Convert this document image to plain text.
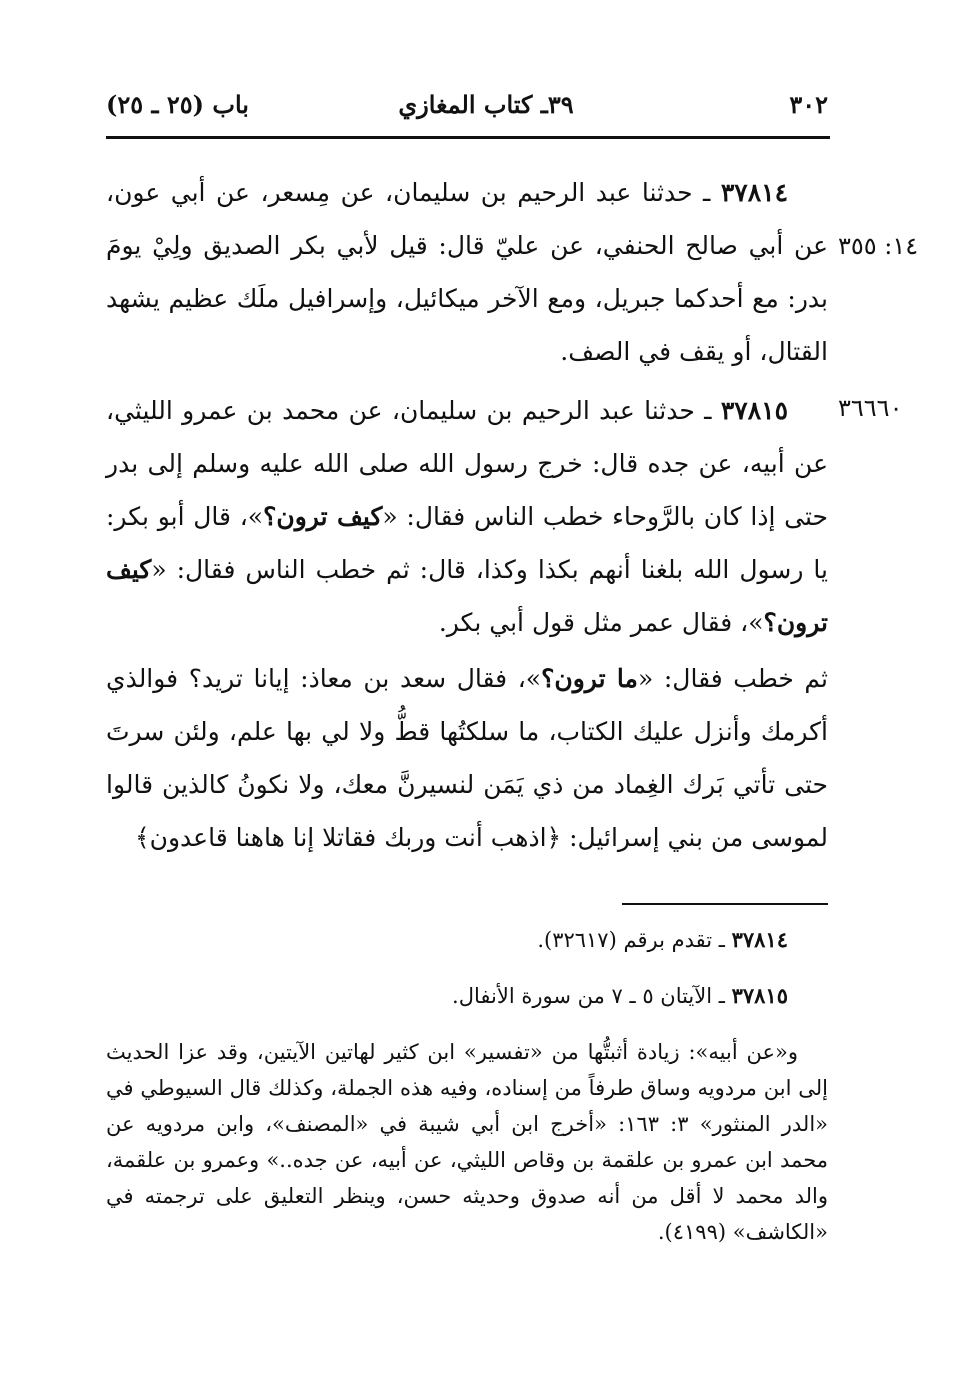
٣٠٢
٣٩ـ كتاب المغازي
باب (٢٥ ـ ٢٥)
١٤: ٣٥٥
٣٧٨١٤ ـ حدثنا عبد الرحيم بن سليمان، عن مِسعر، عن أبي عون، عن أبي صالح الحنفي، عن عليّ قال: قيل لأبي بكر الصديق ولِيْ يومَ بدر: مع أحدكما جبريل، ومع الآخر ميكائيل، وإسرافيل ملَك عظيم يشهد القتال، أو يقف في الصف.
٣٦٦٦٠
٣٧٨١٥ ـ حدثنا عبد الرحيم بن سليمان، عن محمد بن عمرو الليثي، عن أبيه، عن جده قال: خرج رسول الله صلى الله عليه وسلم إلى بدر حتى إذا كان بالرَّوحاء خطب الناس فقال: «كيف ترون؟»، قال أبو بكر: يا رسول الله بلغنا أنهم بكذا وكذا، قال: ثم خطب الناس فقال: «كيف ترون؟»، فقال عمر مثل قول أبي بكر.
ثم خطب فقال: «ما ترون؟»، فقال سعد بن معاذ: إيانا تريد؟ فوالذي أكرمك وأنزل عليك الكتاب، ما سلكتُها قطُّ ولا لي بها علم، ولئن سرتَ حتى تأتي بَرك الغِماد من ذي يَمَن لنسيرنَّ معك، ولا نكونُ كالذين قالوا لموسى من بني إسرائيل: ﴿اذهب أنت وربك فقاتلا إنا هاهنا قاعدون﴾
٣٧٨١٤ ـ تقدم برقم (٣٢٦١٧).
٣٧٨١٥ ـ الآيتان ٥ ـ ٧ من سورة الأنفال.
و«عن أبيه»: زيادة أثبتُّها من «تفسير» ابن كثير لهاتين الآيتين، وقد عزا الحديث إلى ابن مردويه وساق طرفاً من إسناده، وفيه هذه الجملة، وكذلك قال السيوطي في «الدر المنثور» ٣: ١٦٣: «أخرج ابن أبي شيبة في «المصنف»، وابن مردويه عن محمد ابن عمرو بن علقمة بن وقاص الليثي، عن أبيه، عن جده..» وعمرو بن علقمة، والد محمد لا أقل من أنه صدوق وحديثه حسن، وينظر التعليق على ترجمته في «الكاشف» (٤١٩٩).
